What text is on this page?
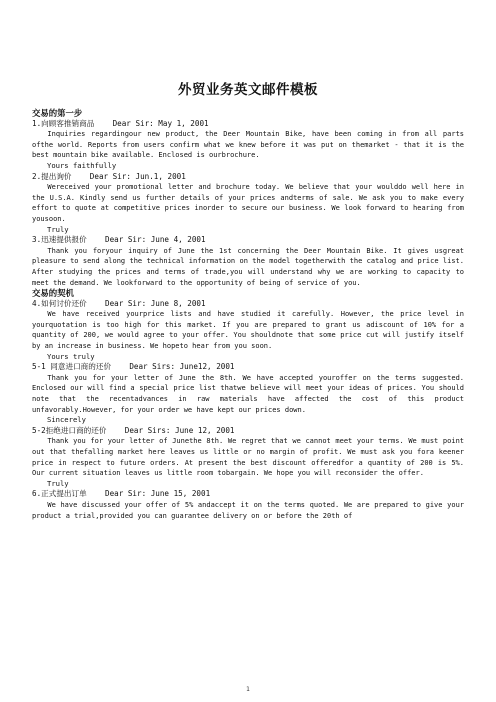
外贸业务英文邮件模板

交易的第一步

1.向顾客推销商品    Dear Sir: May 1, 2001

Inquiries regardingour new product, the Deer Mountain Bike, have been coming in from all parts ofthe world. Reports from users confirm what we knew before it was put on themarket - that it is the best mountain bike available. Enclosed is ourbrochure.

Yours faithfully

2.提出询价    Dear Sir: Jun.1, 2001

Wereceived your promotional letter and brochure today. We believe that your woulddo well here in the U.S.A. Kindly send us further details of your prices andterms of sale. We ask you to make every effort to quote at competitive prices inorder to secure our business. We look forward to hearing from yousoon.

Truly

3.迅速提供报价    Dear Sir: June 4, 2001

Thank you foryour inquiry of June the 1st concerning the Deer Mountain Bike. It gives usgreat pleasure to send along the technical information on the model togetherwith the catalog and price list. After studying the prices and terms of trade,you will understand why we are working to capacity to meet the demand. We lookforward to the opportunity of being of service of you.

交易的契机

4.如何讨价还价    Dear Sir: June 8, 2001

We have received yourprice lists and have studied it carefully. However, the price level in yourquotation is too high for this market. If you are prepared to grant us adiscount of 10% for a quantity of 200, we would agree to your offer. You shouldnote that some price cut will justify itself by an increase in business. We hopeto hear from you soon.

Yours truly

5-1 同意进口商的还价    Dear Sirs: June12, 2001

Thank you for your letter of June the 8th. We have accepted youroffer on the terms suggested. Enclosed our will find a special price list thatwe believe will meet your ideas of prices. You should note that the recentadvances in raw materials have affected the cost of this product unfavorably.However, for your order we have kept our prices down.

Sincerely

5-2拒绝进口商的还价    Dear Sirs: June 12, 2001

Thank you for your letter of Junethe 8th. We regret that we cannot meet your terms. We must point out that thefalling market here leaves us little or no margin of profit. We must ask you fora keener price in respect to future orders. At present the best discount offeredfor a quantity of 200 is 5%. Our current situation leaves us little room tobargain. We hope you will reconsider the offer.

Truly

6.正式提出订单    Dear Sir: June 15, 2001

We have discussed your offer of 5% andaccept it on the terms quoted. We are prepared to give your product a trial,provided you can guarantee delivery on or before the 20th of

1
